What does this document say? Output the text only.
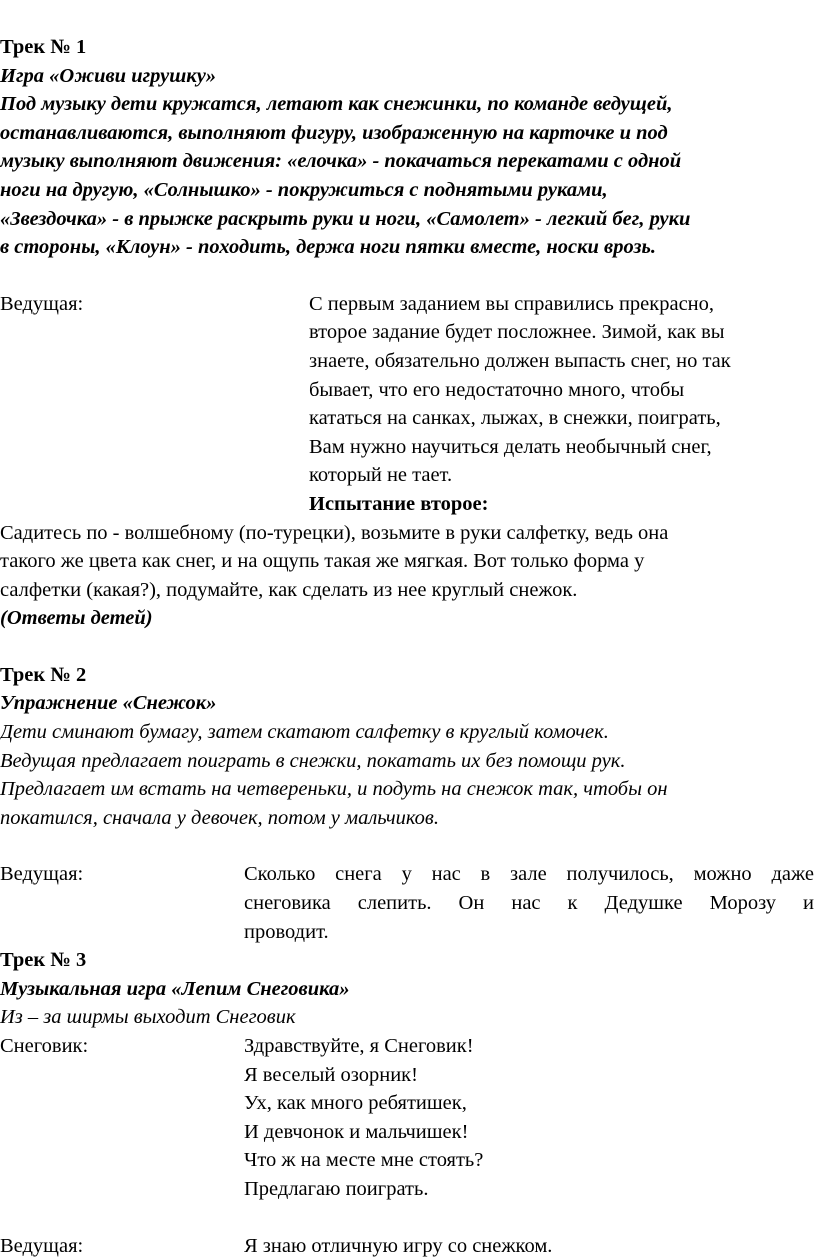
Трек № 1

Игра «Оживи игрушку»

Под музыку дети кружатся, летают как снежинки, по команде ведущей,
останавливаются, выполняют фигуру, изображенную на карточке и под
музыку выполняют движения: «елочка» - покачаться перекатами с одной
ноги на другую, «Солнышко» - покружиться с поднятыми руками,
«Звездочка» - в прыжке раскрыть руки и ноги, «Самолет» - легкий бег, руки
в стороны, «Клоун» - походить, держа ноги пятки вместе, носки врозь.
Ведущая:	С первым заданием вы справились прекрасно,
второе задание будет посложнее. Зимой, как вы
знаете, обязательно должен выпасть снег, но так
бывает, что его недостаточно много, чтобы
кататься на санках, лыжах, в снежки, поиграть,
Вам нужно научиться делать необычный снег,
который не тает.
Испытание второе:
Садитесь по - волшебному (по-турецки), возьмите в руки салфетку, ведь она
такого же цвета как снег, и на ощупь такая же мягкая. Вот только форма у
салфетки (какая?), подумайте, как сделать из нее круглый снежок.

(Ответы детей)

Трек № 2

Упражнение «Снежок»

Дети сминают бумагу, затем скатают салфетку в круглый комочек.
Ведущая предлагает поиграть в снежки, покатать их без помощи рук.
Предлагает им встать на четвереньки, и подуть на снежок так, чтобы он
покатился, сначала у девочек, потом у мальчиков.
Ведущая:	Сколько снега у нас в зале получилось, можно даже
снеговика слепить. Он нас к Дедушке Морозу и
проводит.

Трек № 3

Музыкальная игра «Лепим Снеговика»

Из – за ширмы выходит Снеговик

Снеговик:	Здравствуйте, я Снеговик!
Я веселый озорник!
Ух, как много ребятишек,
И девчонок и мальчишек!
Что ж на месте мне стоять?
Предлагаю поиграть.
Ведущая:	Я знаю отличную игру со снежком.
